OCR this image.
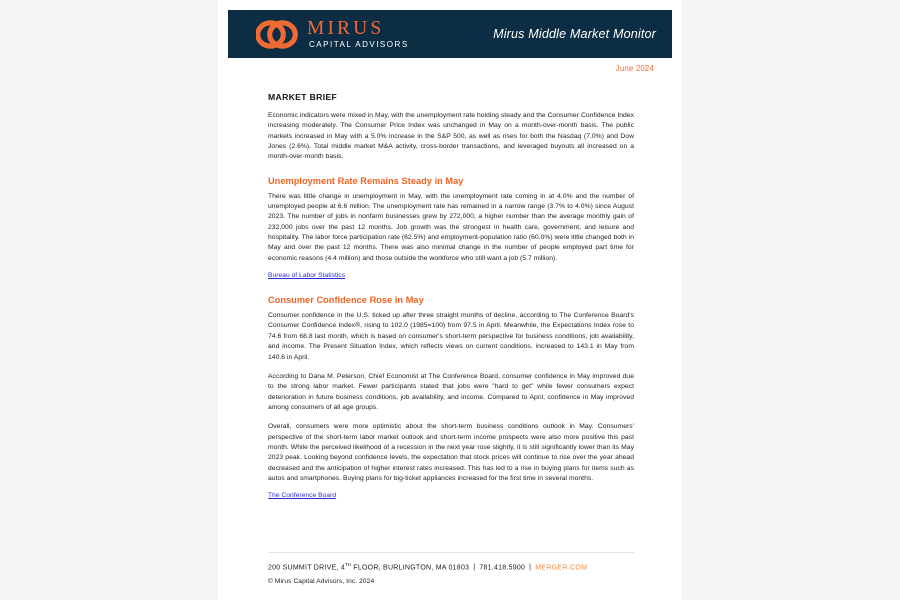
MIRUS
CAPITAL ADVISORS
Mirus Middle Market Monitor
June 2024
MARKET BRIEF

Economic indicators were mixed in May, with the unemployment rate holding steady and the Consumer Confidence Index increasing moderately. The Consumer Price Index was unchanged in May on a month-over-month basis. The public markets increased in May with a 5.0% increase in the S&P 500, as well as rises for both the Nasdaq (7.0%) and Dow Jones (2.6%). Total middle market M&A activity, cross-border transactions, and leveraged buyouts all increased on a month-over-month basis.

Unemployment Rate Remains Steady in May

There was little change in unemployment in May, with the unemployment rate coming in at 4.0% and the number of unemployed people at 6.6 million. The unemployment rate has remained in a narrow range (3.7% to 4.0%) since August 2023. The number of jobs in nonfarm businesses grew by 272,000, a higher number than the average monthly gain of 232,000 jobs over the past 12 months. Job growth was the strongest in health care, government, and leisure and hospitality. The labor force participation rate (62.5%) and employment-population ratio (60.0%) were little changed both in May and over the past 12 months. There was also minimal change in the number of people employed part time for economic reasons (4.4 million) and those outside the workforce who still want a job (5.7 million).

Bureau of Labor Statistics
Consumer Confidence Rose in May

Consumer confidence in the U.S. ticked up after three straight months of decline, according to The Conference Board's Consumer Confidence Index®, rising to 102.0 (1985=100) from 97.5 in April. Meanwhile, the Expectations Index rose to 74.6 from 68.8 last month, which is based on consumer's short-term perspective for business conditions, job availability, and income. The Present Situation Index, which reflects views on current conditions, increased to 143.1 in May from 140.6 in April.

According to Dana M. Peterson, Chief Economist at The Conference Board, consumer confidence in May improved due to the strong labor market. Fewer participants stated that jobs were "hard to get" while fewer consumers expect deterioration in future business conditions, job availability, and income. Compared to April, confidence in May improved among consumers of all age groups.

Overall, consumers were more optimistic about the short-term business conditions outlook in May. Consumers' perspective of the short-term labor market outlook and short-term income prospects were also more positive this past month. While the perceived likelihood of a recession in the next year rose slightly, it is still significantly lower than its May 2023 peak. Looking beyond confidence levels, the expectation that stock prices will continue to rise over the year ahead decreased and the anticipation of higher interest rates increased. This has led to a rise in buying plans for items such as autos and smartphones. Buying plans for big-ticket appliances increased for the first time in several months.

The Conference Board
200 SUMMIT DRIVE, 4TH FLOOR, BURLINGTON, MA 01803 | 781.418.5900 | MERGER.COM
© Mirus Capital Advisors, Inc. 2024
